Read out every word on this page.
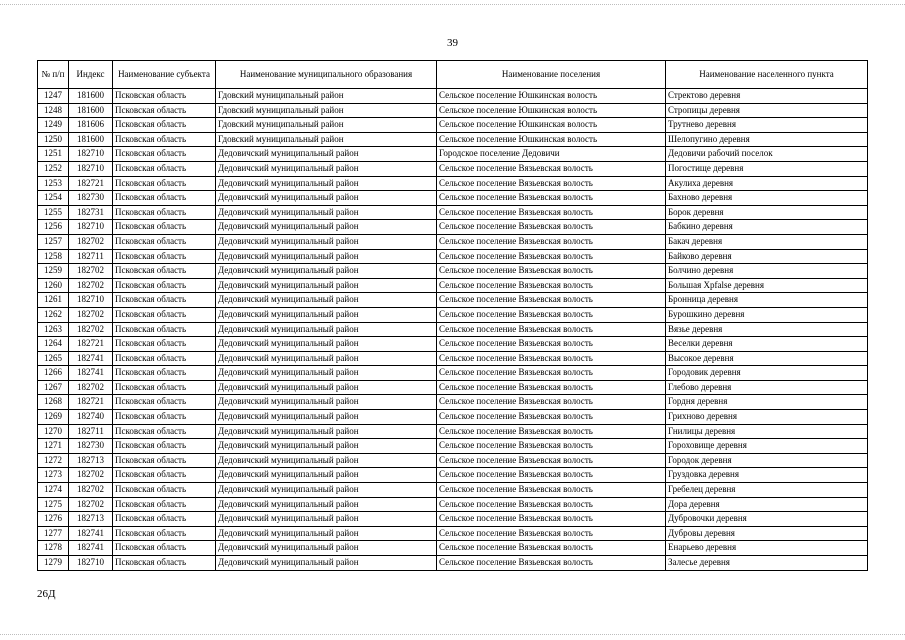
39
№ п/п	Индекс	Наименование субъекта	Наименование муниципального образования	Наименование поселения	Наименование населенного пункта
1247	181600	Псковская область	Гдовский муниципальный район	Сельское поселение Юшкинская волость	Стректово деревня
1248	181600	Псковская область	Гдовский муниципальный район	Сельское поселение Юшкинская волость	Стропицы деревня
1249	181606	Псковская область	Гдовский муниципальный район	Сельское поселение Юшкинская волость	Трутнево деревня
1250	181600	Псковская область	Гдовский муниципальный район	Сельское поселение Юшкинская волость	Шелопугино деревня
1251	182710	Псковская область	Дедовичский муниципальный район	Городское поселение Дедовичи	Дедовичи рабочий поселок
1252	182710	Псковская область	Дедовичский муниципальный район	Сельское поселение Вязьевская волость	Погостище деревня
1253	182721	Псковская область	Дедовичский муниципальный район	Сельское поселение Вязьевская волость	Акулиха деревня
1254	182730	Псковская область	Дедовичский муниципальный район	Сельское поселение Вязьевская волость	Бахново деревня
1255	182731	Псковская область	Дедовичский муниципальный район	Сельское поселение Вязьевская волость	Борок деревня
1256	182710	Псковская область	Дедовичский муниципальный район	Сельское поселение Вязьевская волость	Бабкино деревня
1257	182702	Псковская область	Дедовичский муниципальный район	Сельское поселение Вязьевская волость	Бакач деревня
1258	182711	Псковская область	Дедовичский муниципальный район	Сельское поселение Вязьевская волость	Байково деревня
1259	182702	Псковская область	Дедовичский муниципальный район	Сельское поселение Вязьевская волость	Болчино деревня
1260	182702	Псковская область	Дедовичский муниципальный район	Сельское поселение Вязьевская волость	Большая Хрfalse деревня
1261	182710	Псковская область	Дедовичский муниципальный район	Сельское поселение Вязьевская волость	Бронница деревня
1262	182702	Псковская область	Дедовичский муниципальный район	Сельское поселение Вязьевская волость	Бурошкино деревня
1263	182702	Псковская область	Дедовичский муниципальный район	Сельское поселение Вязьевская волость	Вязье деревня
1264	182721	Псковская область	Дедовичский муниципальный район	Сельское поселение Вязьевская волость	Веселки деревня
1265	182741	Псковская область	Дедовичский муниципальный район	Сельское поселение Вязьевская волость	Высокое деревня
1266	182741	Псковская область	Дедовичский муниципальный район	Сельское поселение Вязьевская волость	Городовик деревня
1267	182702	Псковская область	Дедовичский муниципальный район	Сельское поселение Вязьевская волость	Глебово деревня
1268	182721	Псковская область	Дедовичский муниципальный район	Сельское поселение Вязьевская волость	Гордня деревня
1269	182740	Псковская область	Дедовичский муниципальный район	Сельское поселение Вязьевская волость	Грихново деревня
1270	182711	Псковская область	Дедовичский муниципальный район	Сельское поселение Вязьевская волость	Гнилицы деревня
1271	182730	Псковская область	Дедовичский муниципальный район	Сельское поселение Вязьевская волость	Гороховище деревня
1272	182713	Псковская область	Дедовичский муниципальный район	Сельское поселение Вязьевская волость	Городок деревня
1273	182702	Псковская область	Дедовичский муниципальный район	Сельское поселение Вязьевская волость	Груздовка деревня
1274	182702	Псковская область	Дедовичский муниципальный район	Сельское поселение Вязьевская волость	Гребелец деревня
1275	182702	Псковская область	Дедовичский муниципальный район	Сельское поселение Вязьевская волость	Дора деревня
1276	182713	Псковская область	Дедовичский муниципальный район	Сельское поселение Вязьевская волость	Дубровочки деревня
1277	182741	Псковская область	Дедовичский муниципальный район	Сельское поселение Вязьевская волость	Дубровы деревня
1278	182741	Псковская область	Дедовичский муниципальный район	Сельское поселение Вязьевская волость	Енарьево деревня
1279	182710	Псковская область	Дедовичский муниципальный район	Сельское поселение Вязьевская волость	Залесье деревня
26Д
